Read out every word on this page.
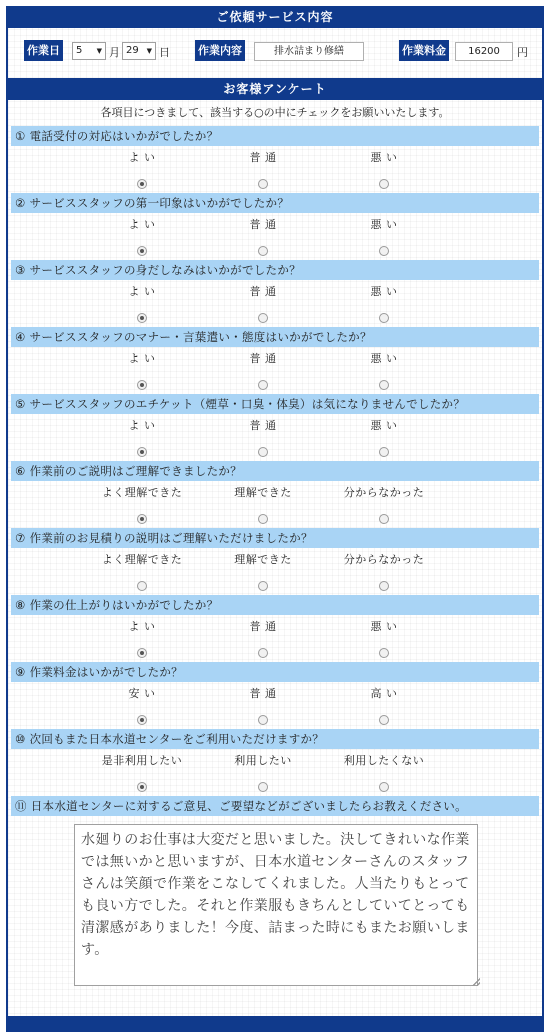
ご依頼サービス内容
作業日	5 ▼ 月 29 ▼ 日	作業内容	排水詰まり修繕	作業料金	16200	円
お客様アンケート
各項目につきまして、該当する○の中にチェックをお願いいたします。
① 電話受付の対応はいかがでしたか？
よ い	普 通	悪 い

② サービススタッフの第一印象はいかがでしたか？
よ い	普 通	悪 い

③ サービススタッフの身だしなみはいかがでしたか？
よ い	普 通	悪 い

④ サービススタッフのマナー・言葉遣い・態度はいかがでしたか？
よ い	普 通	悪 い

⑤ サービススタッフのエチケット（煙草・口臭・体臭）は気になりませんでしたか？
よ い	普 通	悪 い

⑥ 作業前のご説明はご理解できましたか？
よく理解できた	理解できた	分からなかった

⑦ 作業前のお見積りの説明はご理解いただけましたか？
よく理解できた	理解できた	分からなかった

⑧ 作業の仕上がりはいかがでしたか？
よ い	普 通	悪 い

⑨ 作業料金はいかがでしたか？
安 い	普 通	高 い

⑩ 次回もまた日本水道センターをご利用いただけますか？
是非利用したい	利用したい	利用したくない

⑪ 日本水道センターに対するご意見、ご要望などがございましたらお教えください。
水廻りのお仕事は大変だと思いました。決してきれいな作業では無いかと思いますが、日本水道センターさんのスタッフさんは笑顔で作業をこなしてくれました。人当たりもとっても良い方でした。それと作業服もきちんとしていてとっても清潔感がありました！今度、詰まった時にもまたお願いします。
